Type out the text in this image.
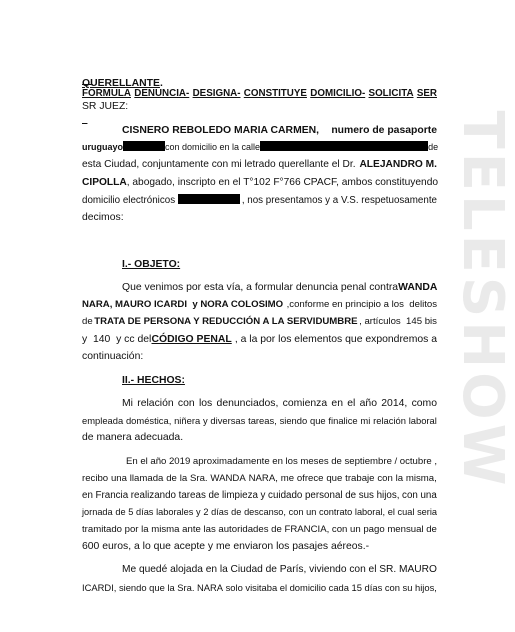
TELESHOW

FORMULA DENUNCIA- DESIGNA- CONSTITUYE DOMICILIO- SOLICITA SER

QUERELLANTE.
SR JUEZ:
CISNERO REBOLEDO MARIA CARMEN, numero de pasaporte
uruguayo	con domicilio en la calle	de
esta Ciudad, conjuntamente con mi letrado querellante el Dr. ALEJANDRO M.
CIPOLLA , abogado, inscripto en el T°102 F°766 CPACF, ambos constituyendo
domicilio electrónicos	, nos presentamos y a V.S. respetuosamente
decimos:
I.- OBJETO:
Que venimos por esta vía, a formular denuncia penal contra WANDA
NARA, MAURO ICARDI  y NORA COLOSIMO ,conforme en principio a los  delitos
de TRATA DE PERSONA Y REDUCCIÓN A LA SERVIDUMBRE , artículos  145 bis
y  140  y cc del CÓDIGO PENAL , a la por los elementos que expondremos a
continuación:
II.- HECHOS:
Mi relación con los denunciados, comienza en el año 2014, como
empleada doméstica, niñera y diversas tareas, siendo que finalice mi relación laboral
de manera adecuada.
En el año 2019 aproximadamente en los meses de septiembre / octubre ,
recibo una llamada de la Sra. WANDA NARA, me ofrece que trabaje con la misma,
en Francia realizando tareas de limpieza y cuidado personal de sus hijos, con una
jornada de 5 días laborales y 2 días de descanso, con un contrato laboral, el cual seria
tramitado por la misma ante las autoridades de FRANCIA, con un pago mensual de
600 euros, a lo que acepte y me enviaron los pasajes aéreos.-
Me quedé alojada en la Ciudad de París, viviendo con el SR. MAURO
ICARDI, siendo que la Sra. NARA solo visitaba el domicilio cada 15 días con su hijos,
